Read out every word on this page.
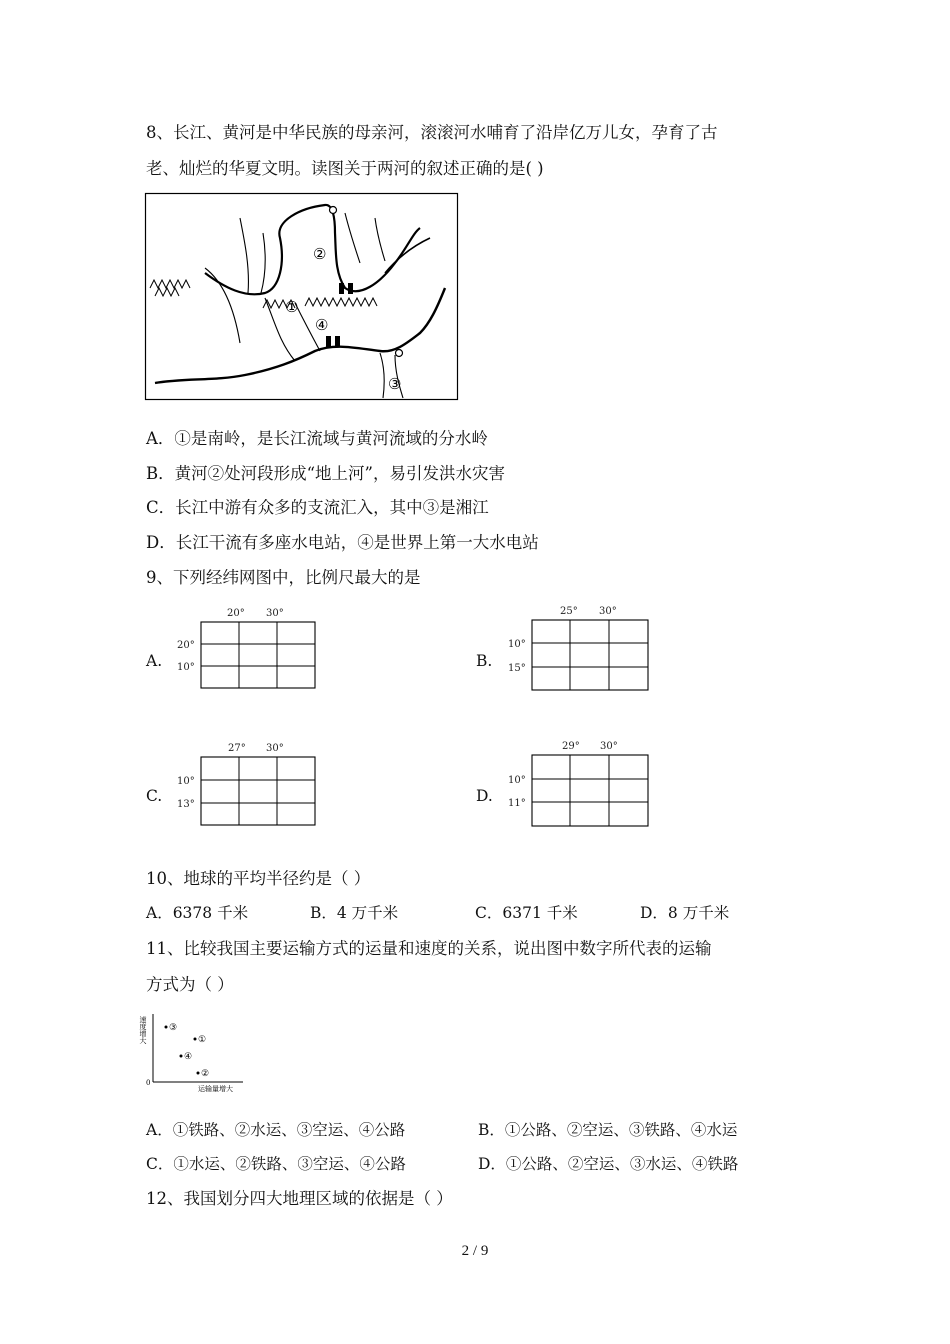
8、长江、黄河是中华民族的母亲河，滚滚河水哺育了沿岸亿万儿女，孕育了古
老、灿烂的华夏文明。读图关于两河的叙述正确的是( )
②
①
④
③
A．①是南岭，是长江流域与黄河流域的分水岭
B．黄河②处河段形成“地上河”，易引发洪水灾害
C．长江中游有众多的支流汇入，其中③是湘江
D．长江干流有多座水电站，④是世界上第一大水电站
9、下列经纬网图中，比例尺最大的是
A.
20° 30°
20°
10°	B.
25° 30°
10°
15°
C.
27° 30°
10°
13°	D.
29° 30°
10°
11°
10、地球的平均半径约是（ ）
A．6378 千米	B．4 万千米	C．6371 千米	D．8 万千米
11、比较我国主要运输方式的运量和速度的关系，说出图中数字所代表的运输
方式为（ ）
速度增大
运输量增大
0
③
①
④
②
A．①铁路、②水运、③空运、④公路	B．①公路、②空运、③铁路、④水运
C．①水运、②铁路、③空运、④公路	D．①公路、②空运、③水运、④铁路
12、我国划分四大地理区域的依据是（ ）
2 / 9
